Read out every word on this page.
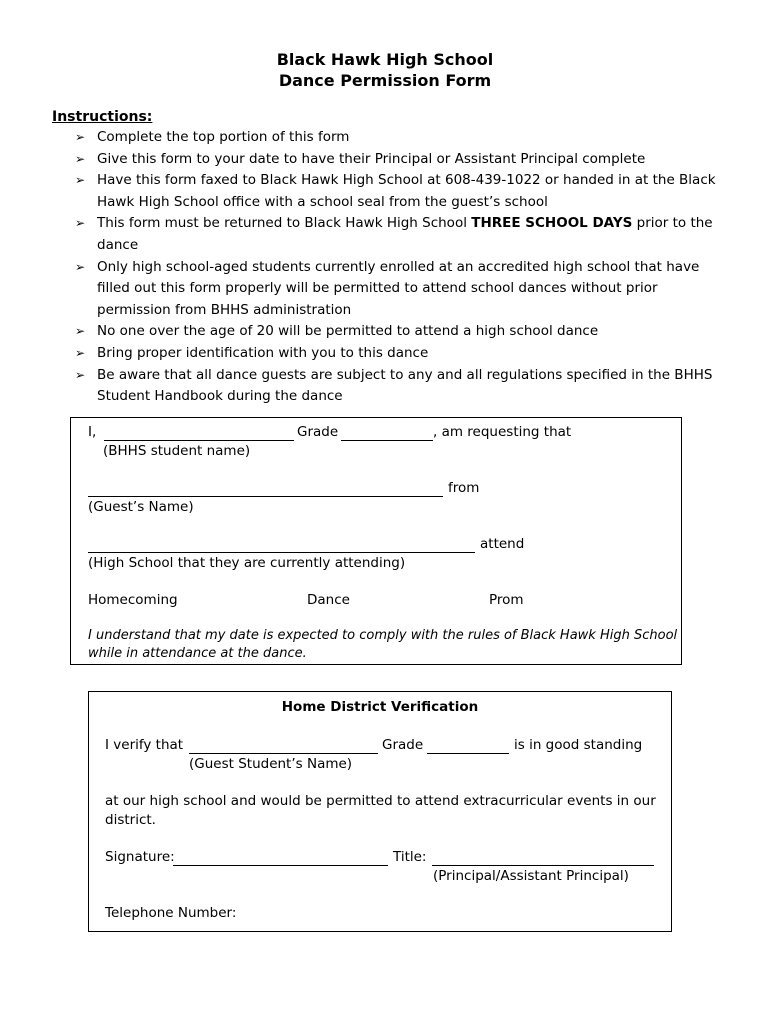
Black Hawk High School
Dance Permission Form
Instructions:
➢ Complete the top portion of this form
➢ Give this form to your date to have their Principal or Assistant Principal complete
➢ Have this form faxed to Black Hawk High School at 608-439-1022 or handed in at the Black
Hawk High School office with a school seal from the guest’s school
➢ This form must be returned to Black Hawk High School THREE SCHOOL DAYS prior to the
dance
➢ Only high school-aged students currently enrolled at an accredited high school that have
filled out this form properly will be permitted to attend school dances without prior
permission from BHHS administration
➢ No one over the age of 20 will be permitted to attend a high school dance
➢ Bring proper identification with you to this dance
➢ Be aware that all dance guests are subject to any and all regulations specified in the BHHS
Student Handbook during the dance
I,	Grade	, am requesting that
(BHHS student name)
from
(Guest’s Name)
attend
(High School that they are currently attending)
Homecoming	Dance	Prom
I understand that my date is expected to comply with the rules of Black Hawk High School
while in attendance at the dance.
Home District Verification
I verify that	Grade	is in good standing
(Guest Student’s Name)
at our high school and would be permitted to attend extracurricular events in our
district.
Signature:	Title:
(Principal/Assistant Principal)
Telephone Number:
